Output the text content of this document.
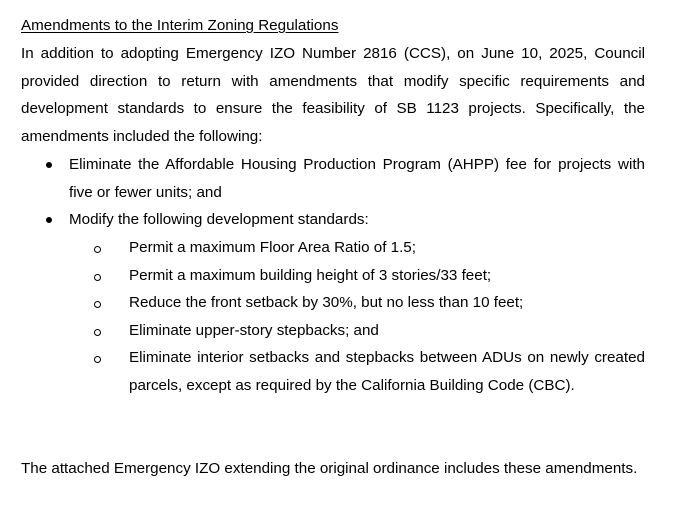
Amendments to the Interim Zoning Regulations
In addition to adopting Emergency IZO Number 2816 (CCS), on June 10, 2025, Council provided direction to return with amendments that modify specific requirements and development standards to ensure the feasibility of SB 1123 projects. Specifically, the amendments included the following:
Eliminate the Affordable Housing Production Program (AHPP) fee for projects with five or fewer units; and
Modify the following development standards:
Permit a maximum Floor Area Ratio of 1.5;
Permit a maximum building height of 3 stories/33 feet;
Reduce the front setback by 30%, but no less than 10 feet;
Eliminate upper-story stepbacks; and
Eliminate interior setbacks and stepbacks between ADUs on newly created parcels, except as required by the California Building Code (CBC).
The attached Emergency IZO extending the original ordinance includes these amendments.
